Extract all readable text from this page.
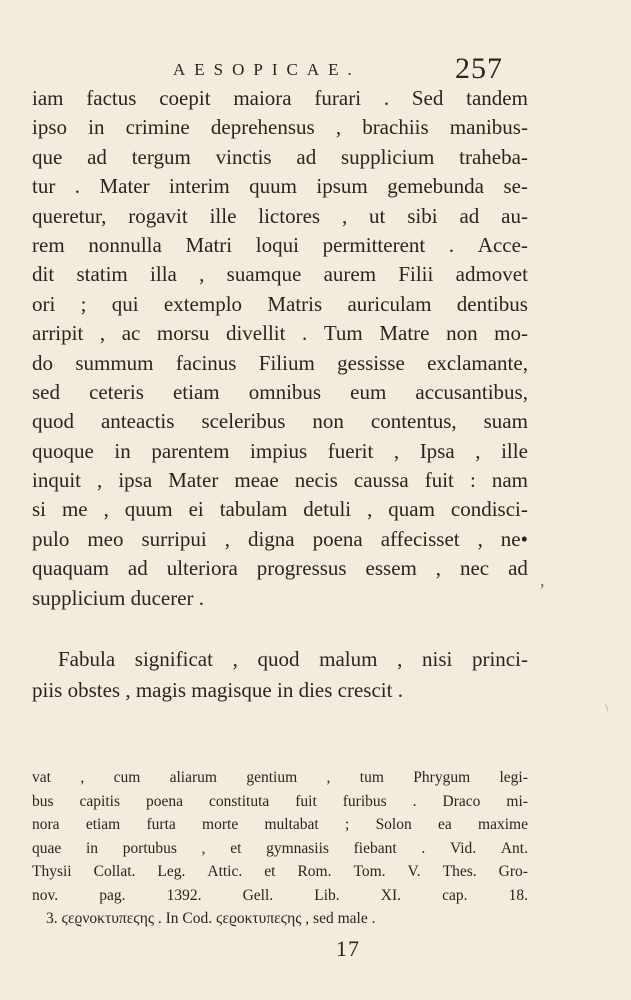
AESOPICAE.	257
iam factus coepit maiora furari . Sed tandem
ipso in crimine deprehensus , brachiis manibus-
que ad tergum vinctis ad supplicium traheba-
tur . Mater interim quum ipsum gemebunda se-
queretur, rogavit ille lictores , ut sibi ad au-
rem nonnulla Matri loqui permitterent . Acce-
dit statim illa , suamque aurem Filii admovet
ori ; qui extemplo Matris auriculam dentibus
arripit , ac morsu divellit . Tum Matre non mo-
do summum facinus Filium gessisse exclamante,
sed ceteris etiam omnibus eum accusantibus,
quod anteactis sceleribus non contentus, suam
quoque in parentem impius fuerit , Ipsa , ille
inquit , ipsa Mater meae necis caussa fuit : nam
si me , quum ei tabulam detuli , quam condisci-
pulo meo surripui , digna poena affecisset , ne•
quaquam ad ulteriora progressus essem , nec ad
supplicium ducerer .
,
\
Fabula significat , quod malum , nisi princi-
piis obstes , magis magisque in dies crescit .
vat , cum aliarum gentium , tum Phrygum legi-
bus capitis poena constituta fuit furibus . Draco mi-
nora etiam furta morte multabat ; Solon ea maxime
quae in portubus , et gymnasiis fiebant . Vid. Ant.
Thysii Collat. Leg. Attic. et Rom. Tom. V. Thes. Gro-
nov.	pag.	1392.	Gell.	Lib.	XI.	cap.	18.
3. ϛεϱνοκτυπεϛης . In Cod. ϛεϱοκτυπεϛης , sed male .
17
